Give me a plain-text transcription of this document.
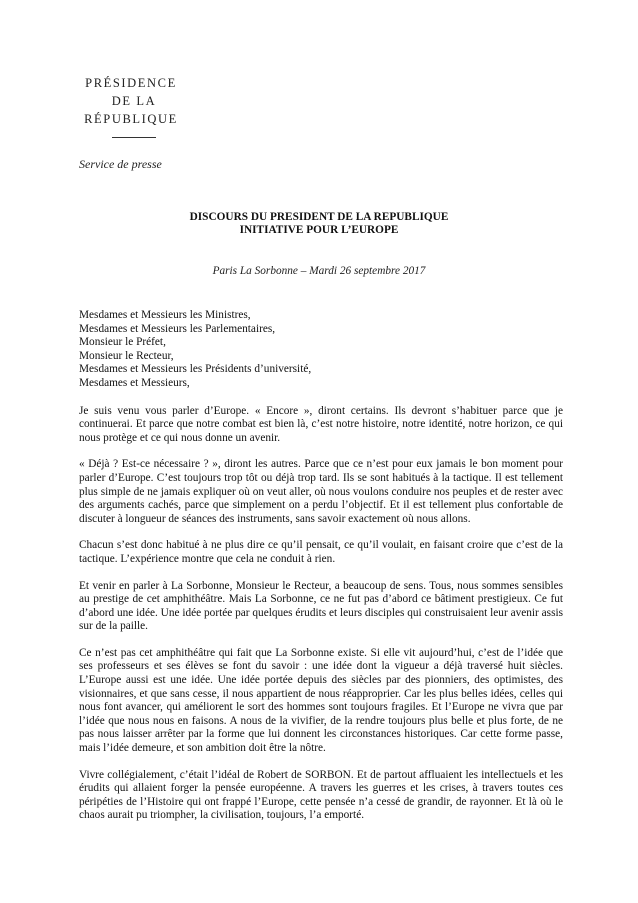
PRÉSIDENCE
DE LA
RÉPUBLIQUE
Service de presse
DISCOURS DU PRESIDENT DE LA REPUBLIQUE
INITIATIVE POUR L’EUROPE
Paris La Sorbonne – Mardi 26 septembre 2017
Mesdames et Messieurs les Ministres,
Mesdames et Messieurs les Parlementaires,
Monsieur le Préfet,
Monsieur le Recteur,
Mesdames et Messieurs les Présidents d’université,
Mesdames et Messieurs,

Je suis venu vous parler d’Europe. « Encore », diront certains. Ils devront s’habituer parce que je continuerai. Et parce que notre combat est bien là, c’est notre histoire, notre identité, notre horizon, ce qui nous protège et ce qui nous donne un avenir.

« Déjà ? Est-ce nécessaire ? », diront les autres. Parce que ce n’est pour eux jamais le bon moment pour parler d’Europe. C’est toujours trop tôt ou déjà trop tard. Ils se sont habitués à la tactique. Il est tellement plus simple de ne jamais expliquer où on veut aller, où nous voulons conduire nos peuples et de rester avec des arguments cachés, parce que simplement on a perdu l’objectif. Et il est tellement plus confortable de discuter à longueur de séances des instruments, sans savoir exactement où nous allons.

Chacun s’est donc habitué à ne plus dire ce qu’il pensait, ce qu’il voulait, en faisant croire que c’est de la tactique. L’expérience montre que cela ne conduit à rien.

Et venir en parler à La Sorbonne, Monsieur le Recteur, a beaucoup de sens. Tous, nous sommes sensibles au prestige de cet amphithéâtre. Mais La Sorbonne, ce ne fut pas d’abord ce bâtiment prestigieux. Ce fut d’abord une idée. Une idée portée par quelques érudits et leurs disciples qui construisaient leur avenir assis sur de la paille.

Ce n’est pas cet amphithéâtre qui fait que La Sorbonne existe. Si elle vit aujourd’hui, c’est de l’idée que ses professeurs et ses élèves se font du savoir : une idée dont la vigueur a déjà traversé huit siècles. L’Europe aussi est une idée. Une idée portée depuis des siècles par des pionniers, des optimistes, des visionnaires, et que sans cesse, il nous appartient de nous réapproprier. Car les plus belles idées, celles qui nous font avancer, qui améliorent le sort des hommes sont toujours fragiles. Et l’Europe ne vivra que par l’idée que nous nous en faisons. A nous de la vivifier, de la rendre toujours plus belle et plus forte, de ne pas nous laisser arrêter par la forme que lui donnent les circonstances historiques. Car cette forme passe, mais l’idée demeure, et son ambition doit être la nôtre.

Vivre collégialement, c’était l’idéal de Robert de SORBON. Et de partout affluaient les intellectuels et les érudits qui allaient forger la pensée européenne. A travers les guerres et les crises, à travers toutes ces péripéties de l’Histoire qui ont frappé l’Europe, cette pensée n’a cessé de grandir, de rayonner. Et là où le chaos aurait pu triompher, la civilisation, toujours, l’a emporté.
